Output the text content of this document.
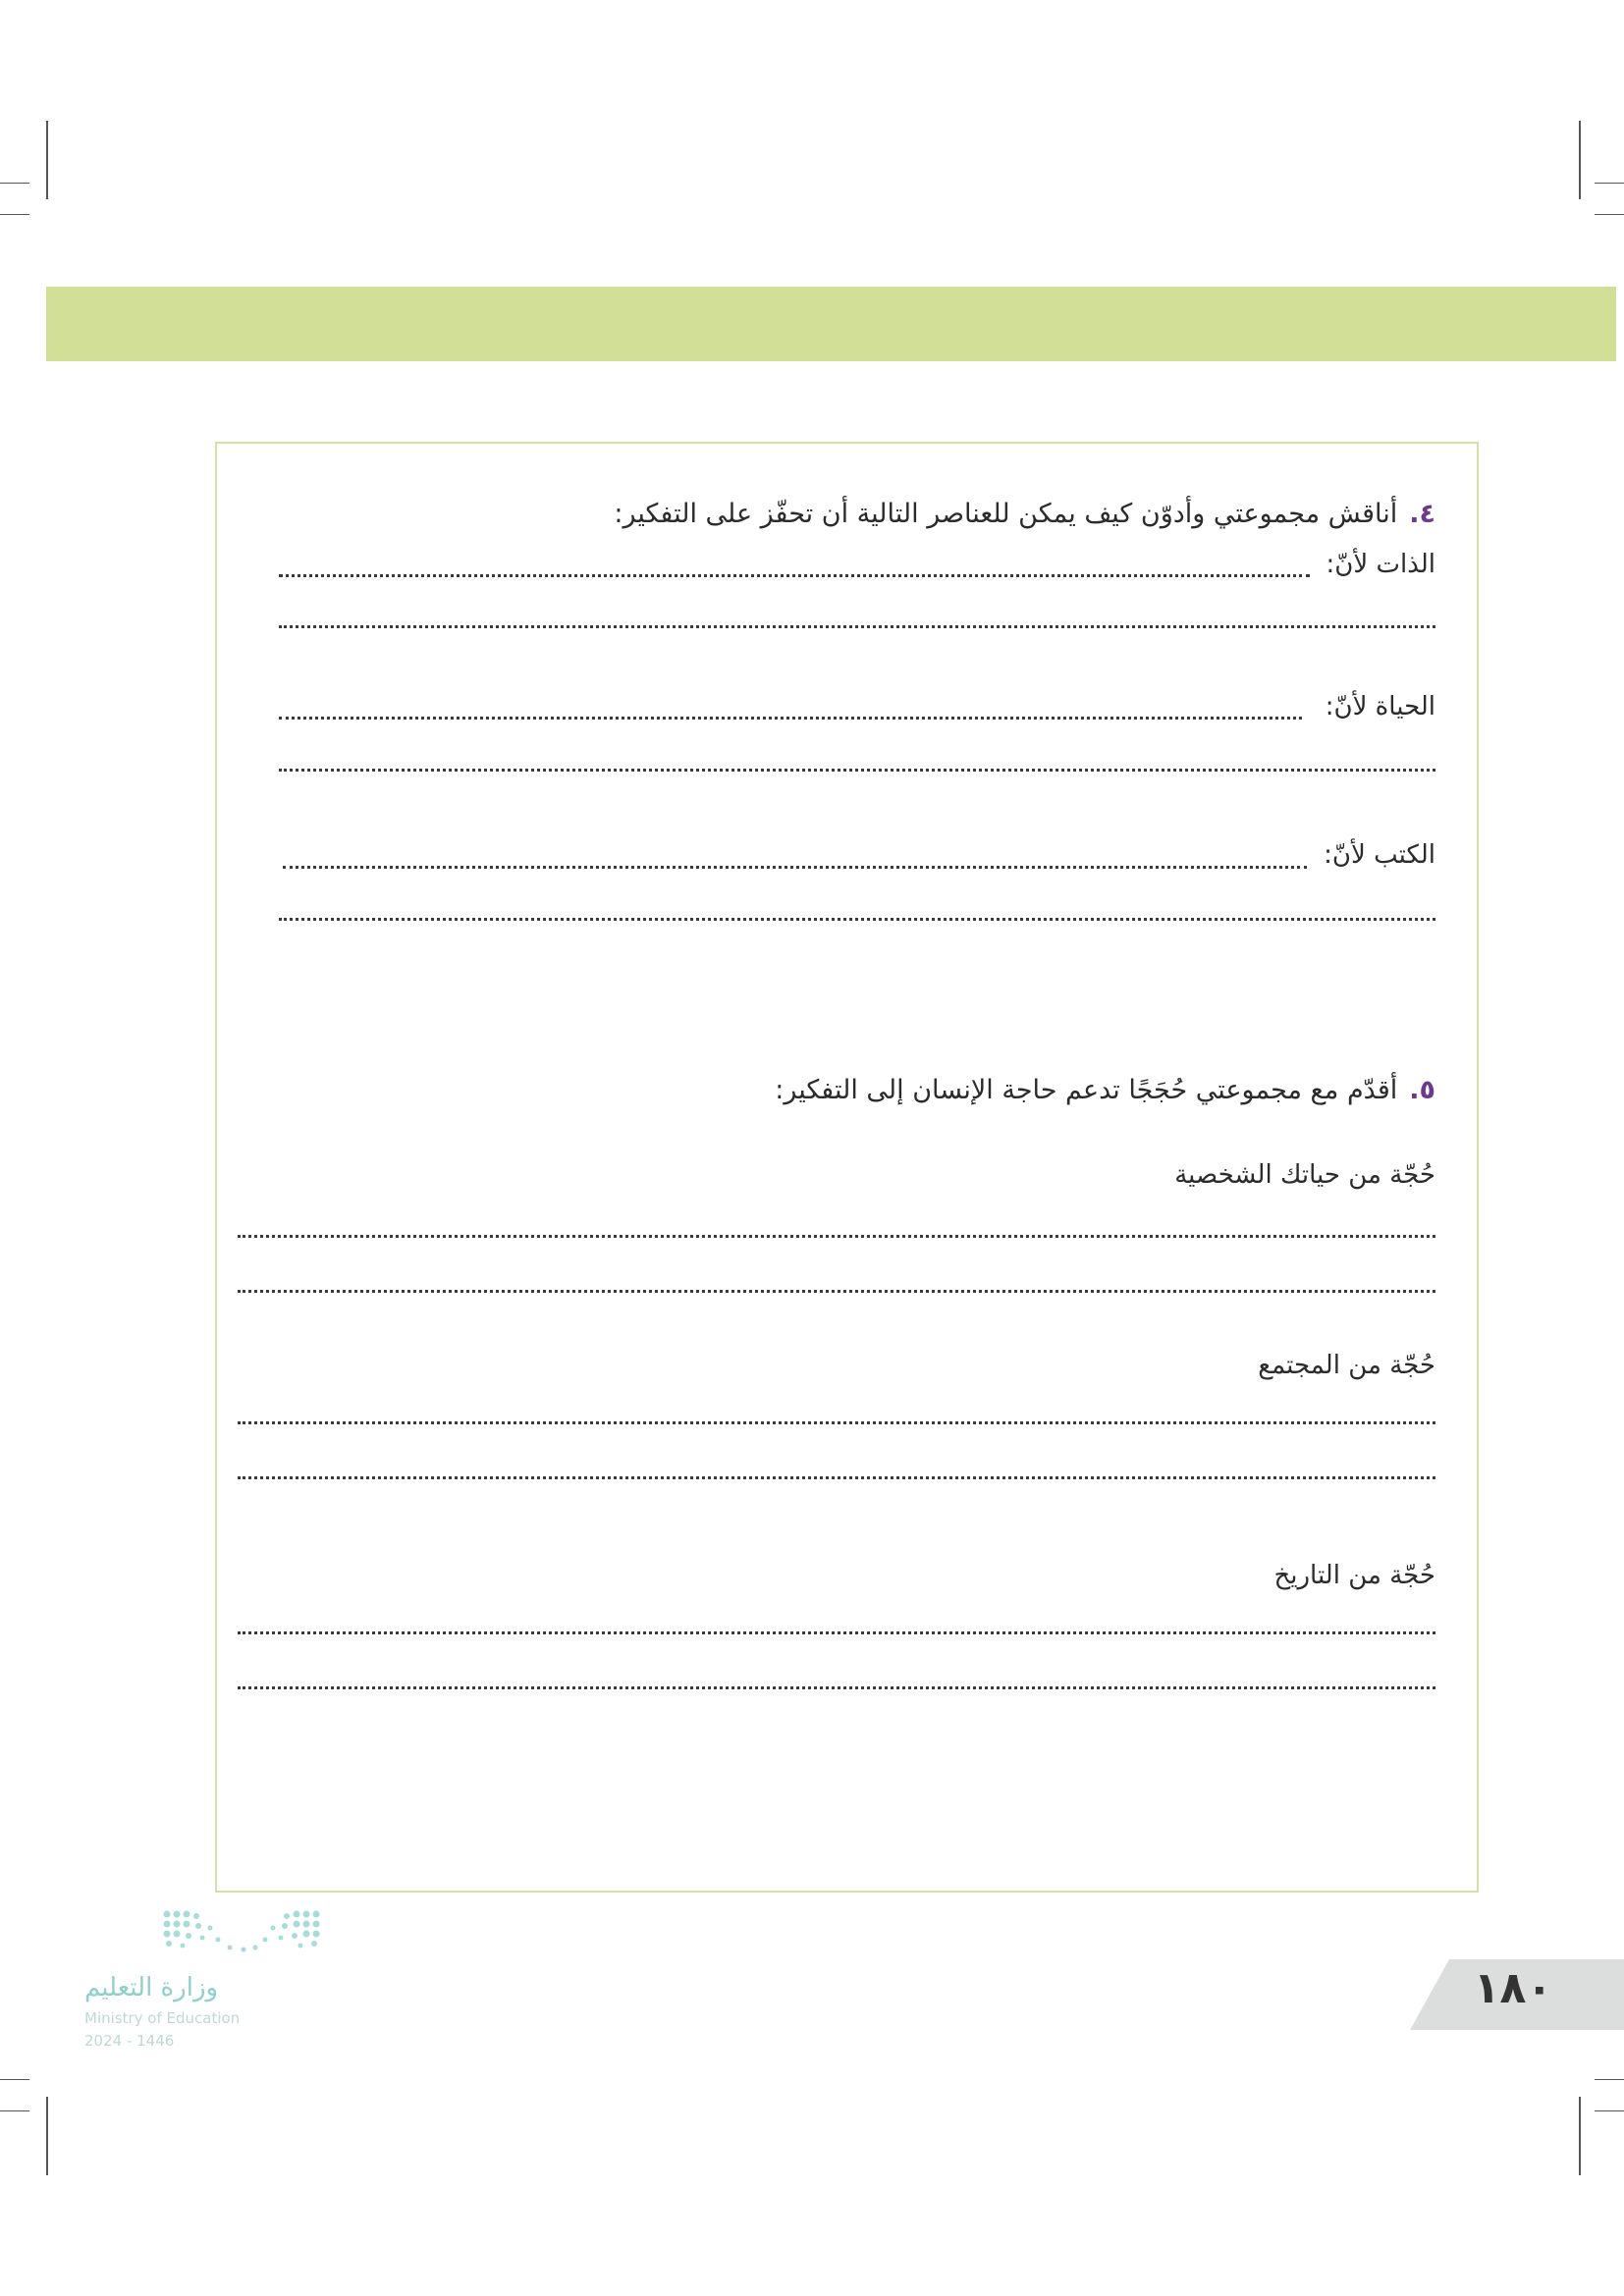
٤.أناقش مجموعتي وأدوّن كيف يمكن للعناصر التالية أن تحفّز على التفكير:
الذات لأنّ:
الحياة لأنّ:
الكتب لأنّ:
٥.أقدّم مع مجموعتي حُجَجًا تدعم حاجة الإنسان إلى التفكير:
حُجّة من حياتك الشخصية
حُجّة من المجتمع
حُجّة من التاريخ
وزارة التعليم
Ministry of Education
2024 - 1446
١٨٠
